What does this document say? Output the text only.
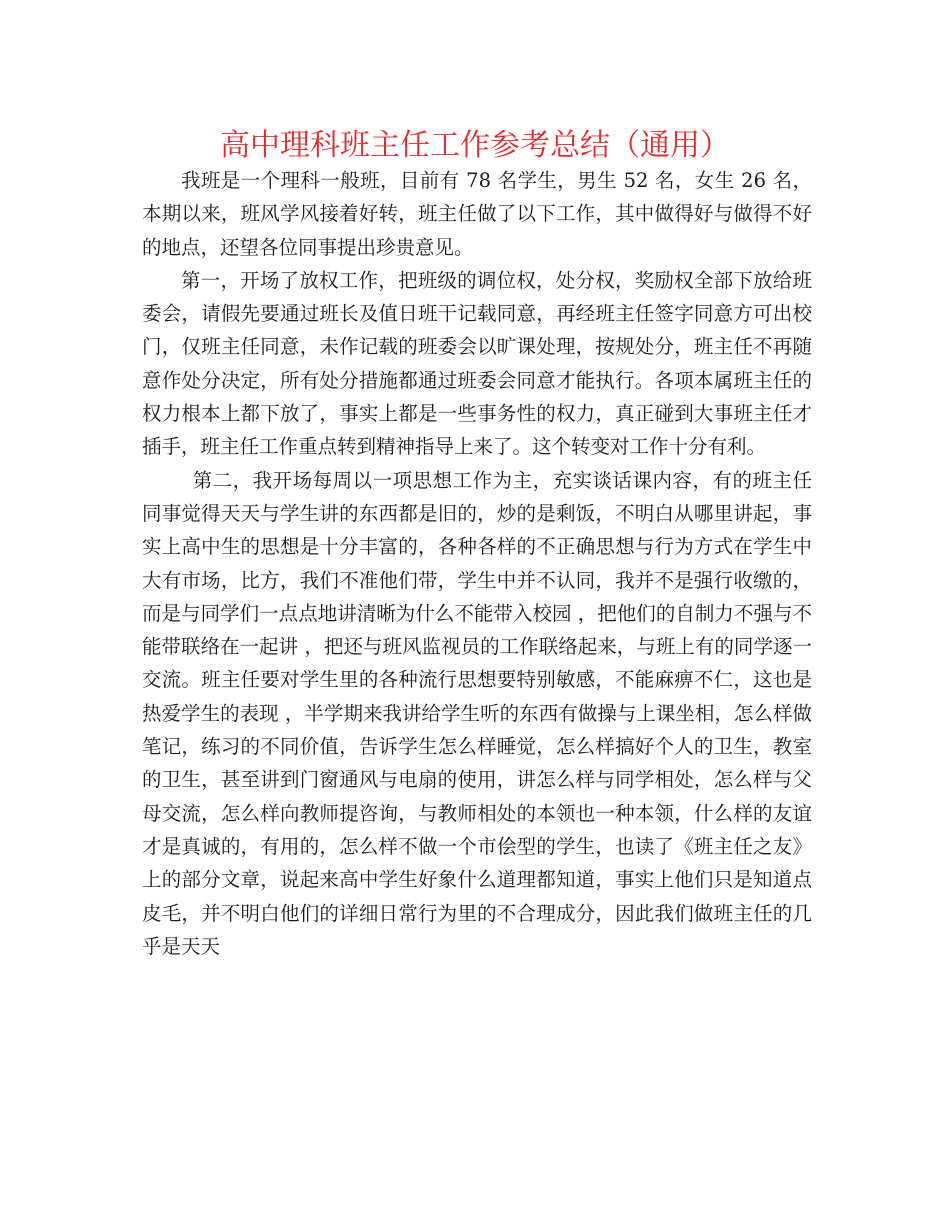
高中理科班主任工作参考总结（通用）

我班是一个理科一般班，目前有 78 名学生，男生 52 名，女生 26 名，本期以来，班风学风接着好转，班主任做了以下工作，其中做得好与做得不好的地点，还望各位同事提出珍贵意见。

第一，开场了放权工作，把班级的调位权，处分权，奖励权全部下放给班委会，请假先要通过班长及值日班干记载同意，再经班主任签字同意方可出校门，仅班主任同意，未作记载的班委会以旷课处理，按规处分，班主任不再随意作处分决定，所有处分措施都通过班委会同意才能执行。各项本属班主任的权力根本上都下放了，事实上都是一些事务性的权力，真正碰到大事班主任才插手，班主任工作重点转到精神指导上来了。这个转变对工作十分有利。

第二，我开场每周以一项思想工作为主，充实谈话课内容，有的班主任同事觉得天天与学生讲的东西都是旧的，炒的是剩饭，不明白从哪里讲起，事实上高中生的思想是十分丰富的，各种各样的不正确思想与行为方式在学生中大有市场，比方，我们不准他们带，学生中并不认同，我并不是强行收缴的，而是与同学们一点点地讲清晰为什么不能带入校园 ，把他们的自制力不强与不能带联络在一起讲 ，把还与班风监视员的工作联络起来，与班上有的同学逐一交流。班主任要对学生里的各种流行思想要特别敏感，不能麻痹不仁，这也是热爱学生的表现 ，半学期来我讲给学生听的东西有做操与上课坐相，怎么样做笔记，练习的不同价值，告诉学生怎么样睡觉，怎么样搞好个人的卫生，教室的卫生，甚至讲到门窗通风与电扇的使用，讲怎么样与同学相处，怎么样与父母交流，怎么样向教师提咨询，与教师相处的本领也一种本领，什么样的友谊才是真诚的，有用的，怎么样不做一个市侩型的学生，也读了《班主任之友》上的部分文章，说起来高中学生好象什么道理都知道，事实上他们只是知道点皮毛，并不明白他们的详细日常行为里的不合理成分，因此我们做班主任的几乎是天天
